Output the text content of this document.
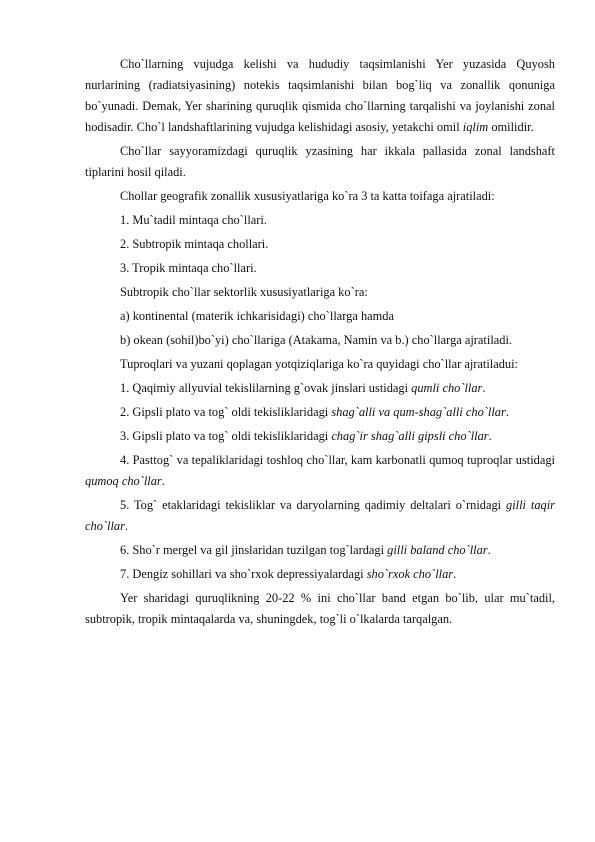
Cho`llarning vujudga kelishi va hududiy taqsimlanishi Yer yuzasida Quyosh nurlarining (radiatsiyasining) notekis taqsimlanishi bilan bog`liq va zonallik qonuniga bo`yunadi. Demak, Yer sharining quruqlik qismida cho`llarning tarqalishi va joylanishi zonal hodisadir. Cho`l landshaftlarining vujudga kelishidagi asosiy, yetakchi omil iqlim omilidir.

Cho`llar sayyoramizdagi quruqlik yzasining har ikkala pallasida zonal landshaft tiplarini hosil qiladi.

Chollar geografik zonallik xususiyatlariga ko`ra 3 ta katta toifaga ajratiladi:

1. Mu`tadil mintaqa cho`llari.

2. Subtropik mintaqa chollari.

3. Tropik mintaqa cho`llari.

Subtropik cho`llar sektorlik xususiyatlariga ko`ra:

a) kontinental (materik ichkarisidagi) cho`llarga hamda

b) okean (sohil)bo`yi) cho`llariga (Atakama, Namin va b.) cho`llarga ajratiladi.

Tuproqlari va yuzani qoplagan yotqiziqlariga ko`ra quyidagi cho`llar ajratiladui:

1. Qaqimiy allyuvial tekislilarning g`ovak jinslari ustidagi qumli cho`llar.

2. Gipsli plato va tog` oldi tekisliklaridagi shag`alli va qum-shag`alli cho`llar.

3. Gipsli plato va tog` oldi tekisliklaridagi chag`ir shag`alli gipsli cho`llar.

4. Pasttog` va tepaliklaridagi toshloq cho`llar, kam karbonatli qumoq tuproqlar ustidagi qumoq cho`llar.

5. Tog` etaklaridagi tekisliklar va daryolarning qadimiy deltalari o`rnidagi gilli taqir cho`llar.

6. Sho`r mergel va gil jinslaridan tuzilgan tog`lardagi gilli baland cho`llar.

7. Dengiz sohillari va sho`rxok depressiyalardagi sho`rxok cho`llar.

Yer sharidagi quruqlikning 20-22 % ini cho`llar band etgan bo`lib, ular mu`tadil, subtropik, tropik mintaqalarda va, shuningdek, tog`li o`lkalarda tarqalgan.
